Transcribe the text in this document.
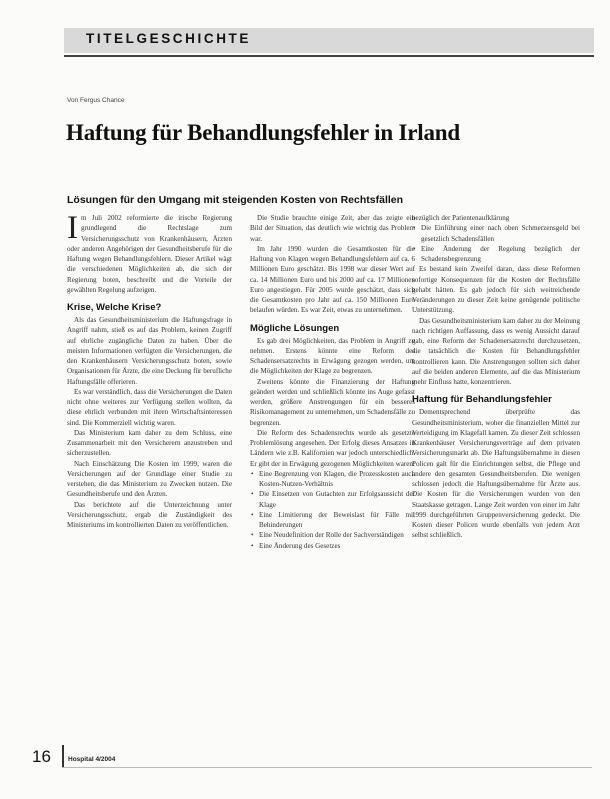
TITELGESCHICHTE
Von Fergus Chance
Haftung für Behandlungsfehler in Irland
Lösungen für den Umgang mit steigenden Kosten von Rechtsfällen

Im Juli 2002 reformierte die irische Regierung grundlegend die Rechtslage zum Versicherungsschutz von Krankenhäusern, Ärzten oder anderen Angehörigen der Gesundheitsberufe für die Haftung wegen Behandlungsfehlern. Dieser Artikel wägt die verschiedenen Möglichkeiten ab, die sich der Regierung boten, beschreibt und die Vorteile der gewählten Regelung aufzeigen.

Krise, Welche Krise?

Als das Gesundheitsministerium die Haftungsfrage in Angriff nahm, stieß es auf das Problem, keinen Zugriff auf ehrliche zugängliche Daten zu haben. Über die meisten Informationen verfügten die Versicherungen, die den Krankenhäusern Versicherungsschutz boten, sowie Organisationen für Ärzte, die eine Deckung für berufliche Haftungsfälle offerieren.

Es war verständlich, dass die Versicherungen die Daten nicht ohne weiteres zur Verfügung stellen wollten, da diese ehrlich verbunden mit ihren Wirtschaftsinteressen sind. Die Kommerziell wichtig waren.

Das Ministerium kam daher zu dem Schluss, eine Zusammenarbeit mit den Versicherern anzustreben und sicherzustellen.

Nach Einschätzung Die Kosten im 1999, waren die Versicherungen auf der Grundlage einer Studie zu verstehen, die das Ministerium zu Zwecken nutzen. Die Gesundheitsberufe und den Ärzten.

Das berichtete auf die Unterzeichnung unter Versicherungsschutz, ergab die Zuständigkeit des Ministeriums im kontrollierten Daten zu veröffentlichen.

Die Studie brauchte einige Zeit, aber das zeigte ein Bild der Situation, das deutlich wie wichtig das Problem war.

Im Jahr 1990 wurden die Gesamtkosten für die Haftung von Klagen wegen Behandlungsfehlern auf ca. 6 Millionen Euro geschätzt. Bis 1998 war dieser Wert auf ca. 14 Millionen Euro und bis 2000 auf ca. 17 Millionen Euro angestiegen. Für 2005 wurde geschätzt, dass sich die Gesamtkosten pro Jahr auf ca. 150 Millionen Euro belaufen würden. Es war Zeit, etwas zu unternehmen.

Mögliche Lösungen

Es gab drei Möglichkeiten, das Problem in Angriff zu nehmen. Erstens könnte eine Reform des Schadensersatzrechts in Erwägung gezogen werden, um die Möglichkeiten der Klage zu begrenzen.

Zweitens könnte die Finanzierung der Haftung geändert werden und schließlich könnte ins Auge gefasst werden, größere Anstrengungen für ein besseres Risikomanagement zu unternehmen, um Schadensfälle zu begrenzen.

Die Reform des Schadensrechts wurde als gesetzte Problemlösung angesehen. Der Erfolg dieses Ansatzes in Ländern wie z.B. Kalifornien war jedoch unterschiedlich. Er gibt der in Erwägung gezogenen Möglichkeiten waren:

• Eine Begrenzung von Klagen, die Prozesskosten auch Kosten-Nutzen-Verhältnis
• Die Einsetzen von Gutachten zur Erfolgsaussicht der Klage
• Eine Limitierung der Beweislast für Fälle mit Behinderungen
• Eine Neudefinition der Rolle der Sachverständigen
• Eine Änderung des Gesetzes

bezüglich der Patientenaufklärung

• Die Einführung einer nach oben Schmerzensgeld bei gesetzlich Schadensfällen
• Eine Änderung der Regelung bezüglich der Schadensbegrenzung

Es bestand kein Zweifel daran, dass diese Reformen sofortige Konsequenzen für die Kosten der Rechtsfälle gehabt hätten. Es gab jedoch für sich weitreichende Veränderungen zu dieser Zeit keine genügende politische Unterstützung.

Das Gesundheitsministerium kam daher zu der Meinung nach richtigen Auffassung, dass es wenig Aussicht darauf gab, eine Reform der Schadenersatzrecht durchzusetzen, die tatsächlich die Kosten für Behandlungsfehler kontrollieren kann. Die Anstrengungen sollten sich daher auf die beiden anderen Elemente, auf die das Ministerium mehr Einfluss hatte, konzentrieren.

Haftung für Behandlungsfehler

Dementsprechend überprüfte das Gesundheitsministerium, woher die finanziellen Mittel zur Verteidigung im Klagefall kamen. Zu dieser Zeit schlossen Krankenhäuser Versicherungsverträge auf dem privaten Versicherungsmarkt ab. Die Haftungsübernahme in diesen Policen galt für die Einrichtungen selbst, die Pflege und andere den gesamten Gesundheitsberufen. Die wenigen schlossen jedoch die Haftungsübernahme für Ärzte aus. Die Kosten für die Versicherungen wurden von den Staatskasse getragen. Lange Zeit wurden von einer im Jahr 1999 durchgeführten Gruppenversicherung gedeckt. Die Kosten dieser Policen wurde ebenfalls von jedem Arzt selbst schließlich.

16	Hospital 4/2004
